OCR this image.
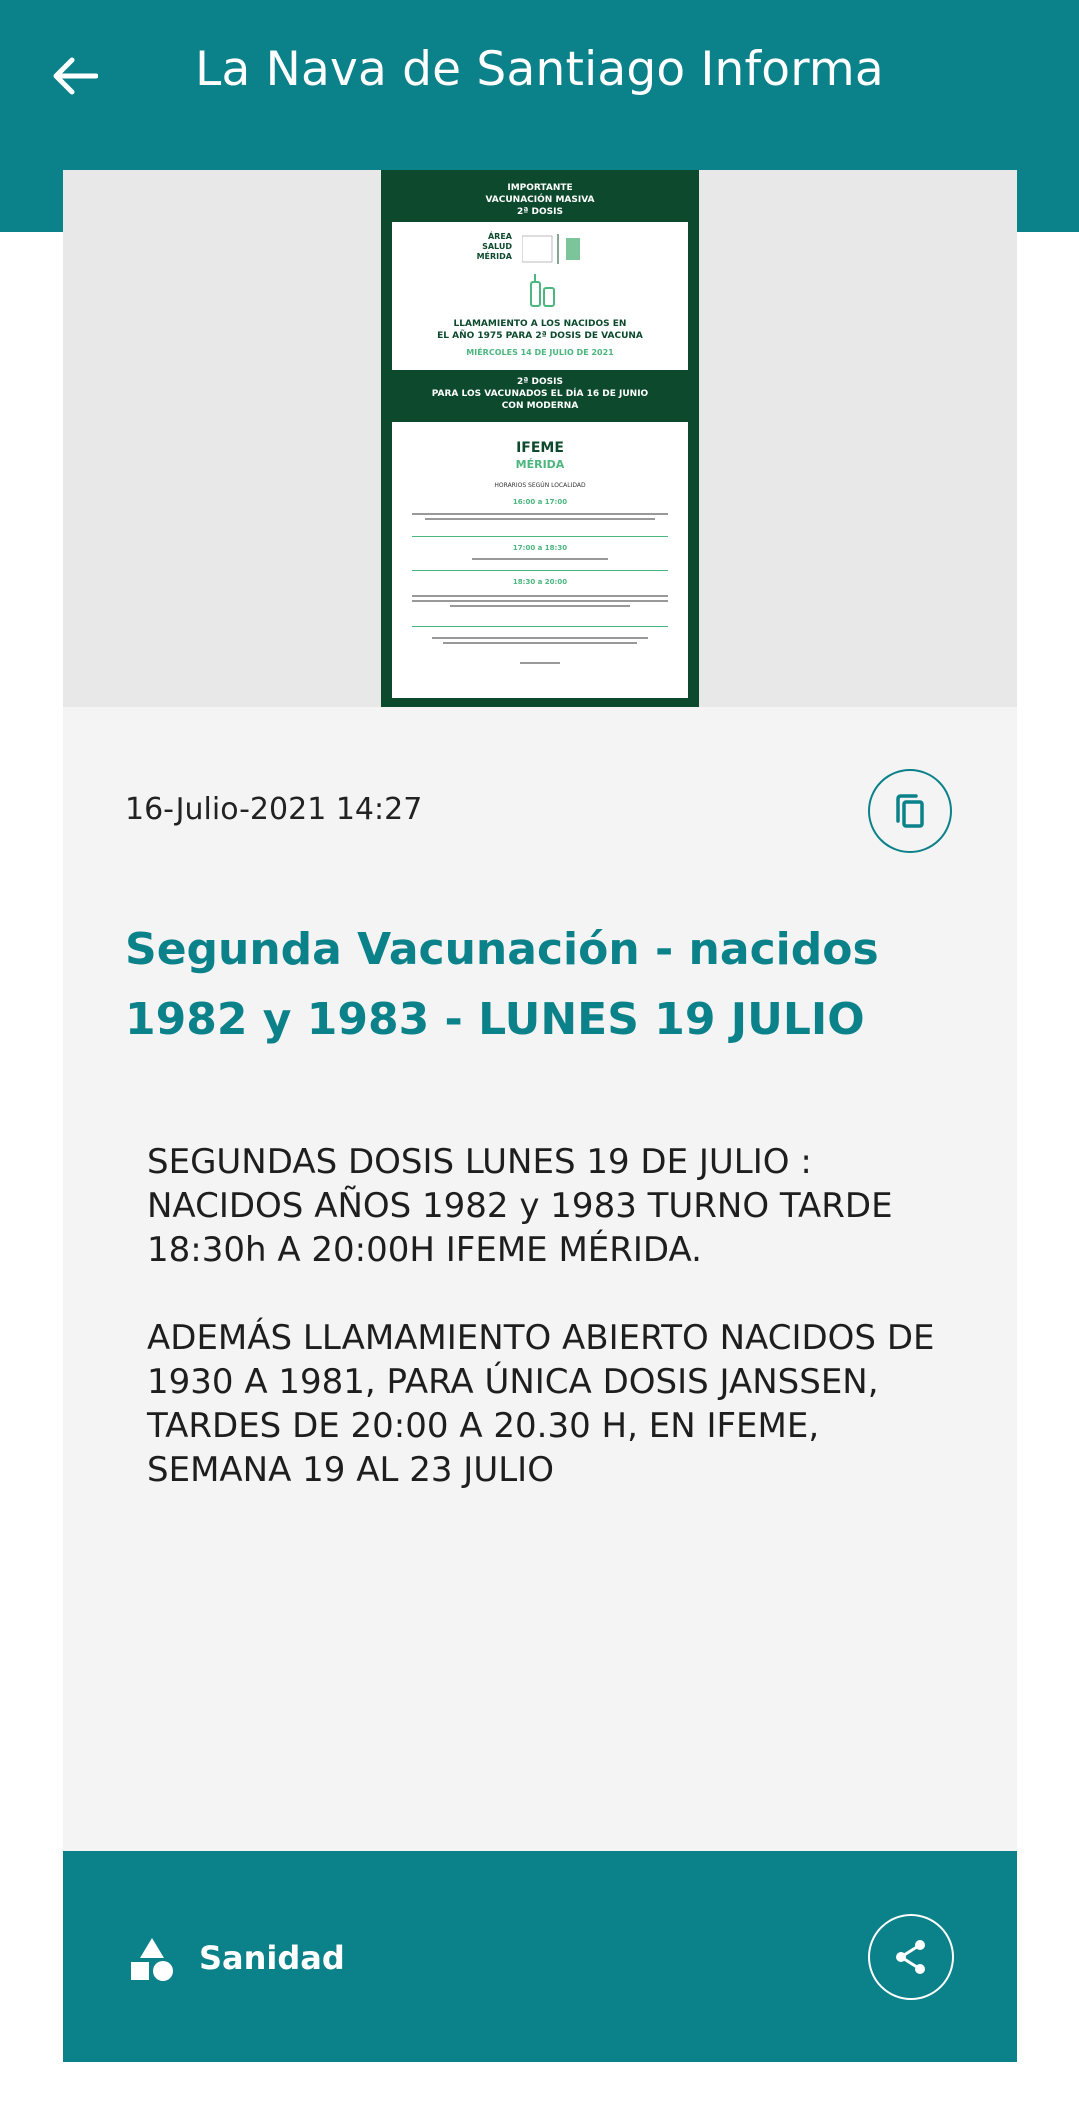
La Nava de Santiago Informa
IMPORTANTE
VACUNACIÓN MASIVA
2ª DOSIS
ÁREA
SALUD
MÉRIDA
LLAMAMIENTO A LOS NACIDOS EN
EL AÑO 1975 PARA 2ª DOSIS DE VACUNA
MIÉRCOLES 14 DE JULIO DE 2021
2ª DOSIS
PARA LOS VACUNADOS EL DÍA 16 DE JUNIO
CON MODERNA
IFEME
MÉRIDA
HORARIOS SEGÚN LOCALIDAD
16:00 a 17:00
17:00 a 18:30
18:30 a 20:00
16-Julio-2021 14:27
Segunda Vacunación - nacidos 1982 y 1983 - LUNES 19 JULIO
SEGUNDAS DOSIS LUNES 19 DE JULIO :
NACIDOS AÑOS 1982 y 1983 TURNO TARDE
18:30h A 20:00H IFEME MÉRIDA.

ADEMÁS LLAMAMIENTO ABIERTO NACIDOS DE
1930 A 1981, PARA ÚNICA DOSIS JANSSEN,
TARDES DE 20:00 A 20.30 H, EN IFEME,
SEMANA 19 AL 23 JULIO
Sanidad
